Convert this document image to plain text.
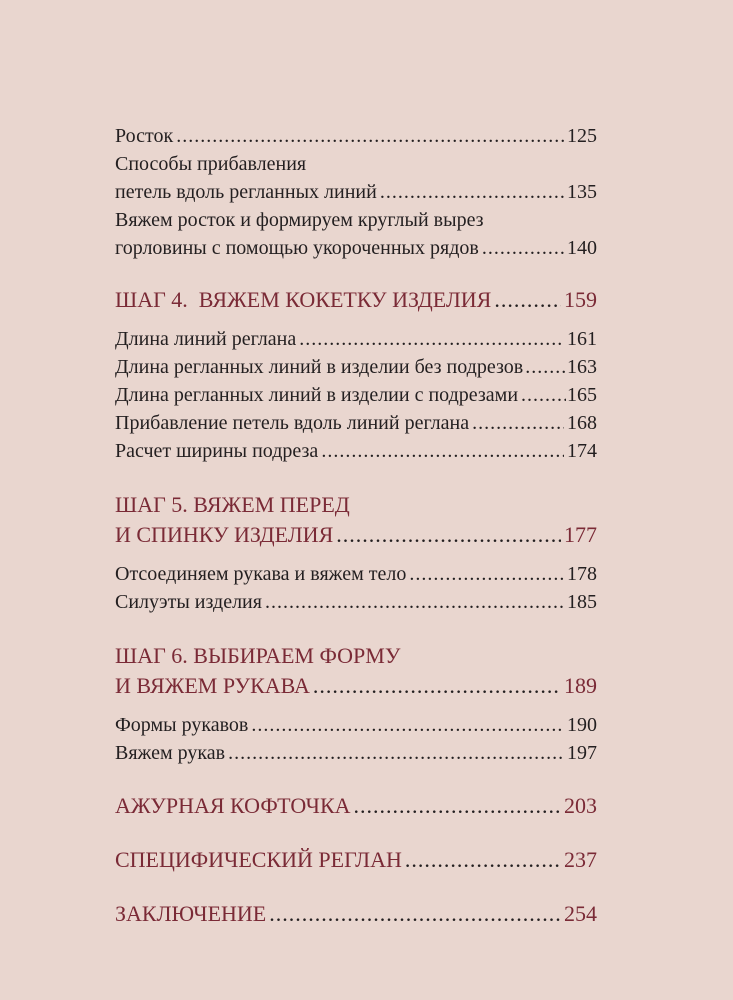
Росток .....	125
Способы прибавления
петель вдоль регланных линий .....	135
Вяжем росток и формируем круглый вырез
горловины с помощью укороченных рядов .....	140
ШАГ 4.  ВЯЖЕМ КОКЕТКУ ИЗДЕЛИЯ .....	159
Длина линий реглана .....	161
Длина регланных линий в изделии без подрезов ..... 163
Длина регланных линий в изделии с подрезами ..... 165
Прибавление петель вдоль линий реглана .....	168
Расчет ширины подреза .....	174
ШАГ 5. ВЯЖЕМ ПЕРЕД
И СПИНКУ ИЗДЕЛИЯ .....	177
Отсоединяем рукава и вяжем тело .....	178
Силуэты изделия .....	185
ШАГ 6. ВЫБИРАЕМ ФОРМУ
И ВЯЖЕМ РУКАВА .....	189
Формы рукавов .....	190
Вяжем рукав .....	197
АЖУРНАЯ КОФТОЧКА .....	203
СПЕЦИФИЧЕСКИЙ РЕГЛАН .....	237
ЗАКЛЮЧЕНИЕ .....	254
